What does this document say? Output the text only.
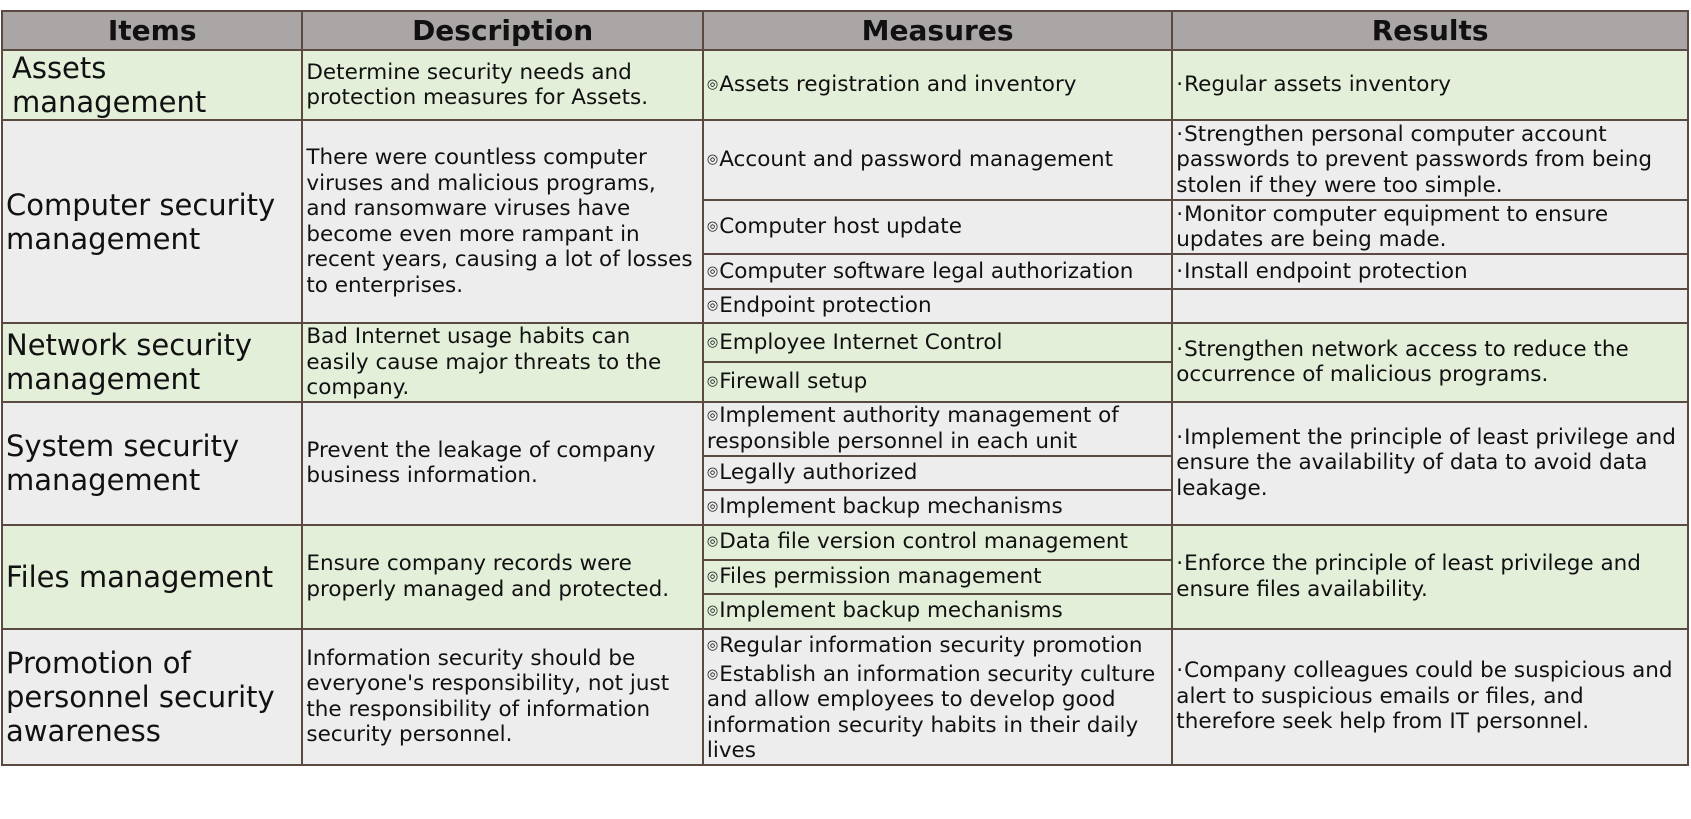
Items	Description	Measures	Results
Assets management	Determine security needs and protection measures for Assets.	◎Assets registration and inventory	·Regular assets inventory
Computer security management	There were countless computer viruses and malicious programs, and ransomware viruses have become even more rampant in recent years, causing a lot of losses to enterprises.	◎Account and password management	·Strengthen personal computer account passwords to prevent passwords from being stolen if they were too simple.
		◎Computer host update	·Monitor computer equipment to ensure updates are being made.
		◎Computer software legal authorization	·Install endpoint protection
		◎Endpoint protection	
Network security management	Bad Internet usage habits can easily cause major threats to the company.	◎Employee Internet Control	·Strengthen network access to reduce the occurrence of malicious programs.
		◎Firewall setup	
System security management	Prevent the leakage of company business information.	◎Implement authority management of responsible personnel in each unit	·Implement the principle of least privilege and ensure the availability of data to avoid data leakage.
		◎Legally authorized	
		◎Implement backup mechanisms	
Files management	Ensure company records were properly managed and protected.	◎Data file version control management	·Enforce the principle of least privilege and ensure files availability.
		◎Files permission management	
		◎Implement backup mechanisms	
Promotion of personnel security awareness	Information security should be everyone's responsibility, not just the responsibility of information security personnel.	◎Regular information security promotion	·Company colleagues could be suspicious and alert to suspicious emails or files, and therefore seek help from IT personnel.
		◎Establish an information security culture and allow employees to develop good information security habits in their daily lives	
